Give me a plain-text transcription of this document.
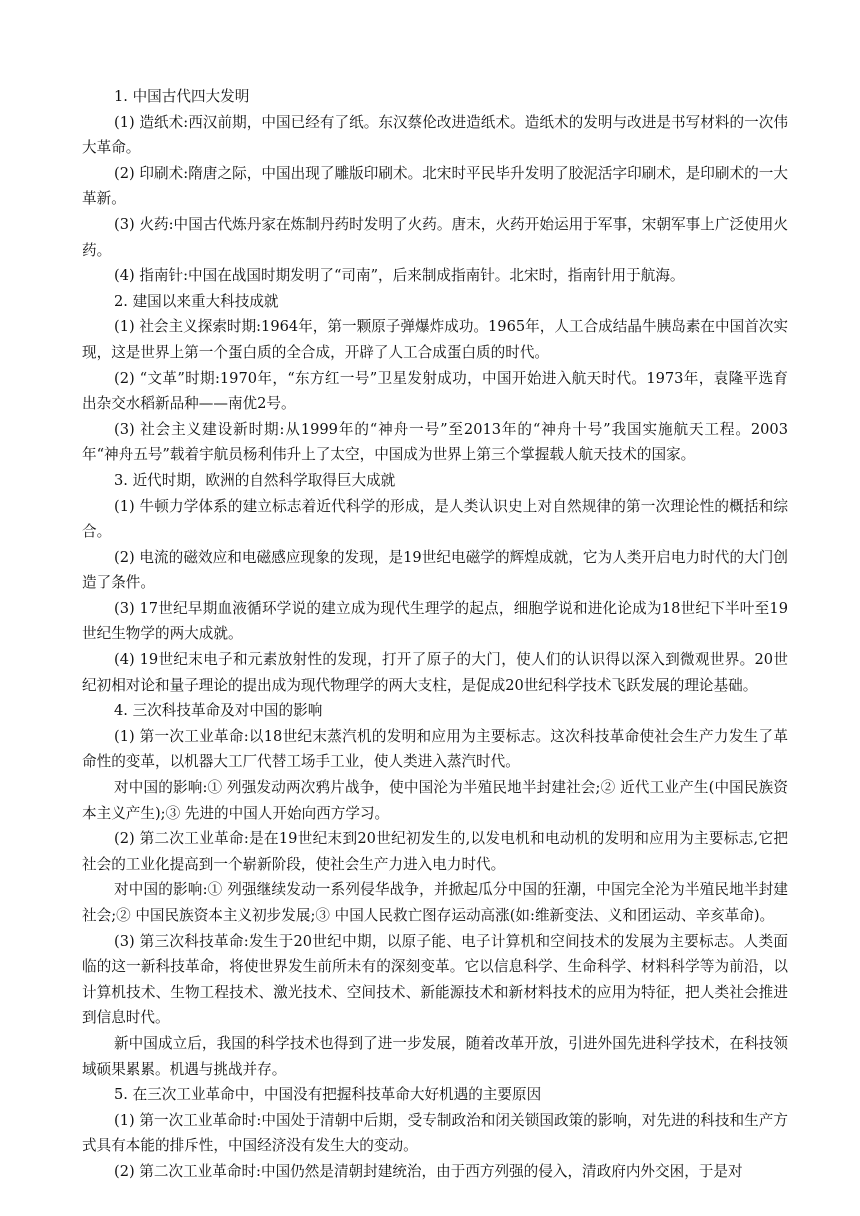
1. 中国古代四大发明

(1) 造纸术:西汉前期，中国已经有了纸。东汉蔡伦改进造纸术。造纸术的发明与改进是书写材料的一次伟大革命。

(2) 印刷术:隋唐之际，中国出现了雕版印刷术。北宋时平民毕升发明了胶泥活字印刷术，是印刷术的一大革新。

(3) 火药:中国古代炼丹家在炼制丹药时发明了火药。唐末，火药开始运用于军事，宋朝军事上广泛使用火药。

(4) 指南针:中国在战国时期发明了“司南”，后来制成指南针。北宋时，指南针用于航海。

2. 建国以来重大科技成就

(1) 社会主义探索时期:1964年，第一颗原子弹爆炸成功。1965年，人工合成结晶牛胰岛素在中国首次实现，这是世界上第一个蛋白质的全合成，开辟了人工合成蛋白质的时代。

(2) “文革”时期:1970年，“东方红一号”卫星发射成功，中国开始进入航天时代。1973年，袁隆平选育出杂交水稻新品种——南优2号。

(3) 社会主义建设新时期:从1999年的“神舟一号”至2013年的“神舟十号”我国实施航天工程。2003年“神舟五号”载着宇航员杨利伟升上了太空，中国成为世界上第三个掌握载人航天技术的国家。

3. 近代时期，欧洲的自然科学取得巨大成就

(1) 牛顿力学体系的建立标志着近代科学的形成，是人类认识史上对自然规律的第一次理论性的概括和综合。

(2) 电流的磁效应和电磁感应现象的发现，是19世纪电磁学的辉煌成就，它为人类开启电力时代的大门创造了条件。

(3) 17世纪早期血液循环学说的建立成为现代生理学的起点，细胞学说和进化论成为18世纪下半叶至19世纪生物学的两大成就。

(4) 19世纪末电子和元素放射性的发现，打开了原子的大门，使人们的认识得以深入到微观世界。20世纪初相对论和量子理论的提出成为现代物理学的两大支柱，是促成20世纪科学技术飞跃发展的理论基础。

4. 三次科技革命及对中国的影响

(1) 第一次工业革命:以18世纪末蒸汽机的发明和应用为主要标志。这次科技革命使社会生产力发生了革命性的变革，以机器大工厂代替工场手工业，使人类进入蒸汽时代。

对中国的影响:① 列强发动两次鸦片战争，使中国沦为半殖民地半封建社会;② 近代工业产生(中国民族资本主义产生);③ 先进的中国人开始向西方学习。

(2) 第二次工业革命:是在19世纪末到20世纪初发生的,以发电机和电动机的发明和应用为主要标志,它把社会的工业化提高到一个崭新阶段，使社会生产力进入电力时代。

对中国的影响:① 列强继续发动一系列侵华战争，并掀起瓜分中国的狂潮，中国完全沦为半殖民地半封建社会;② 中国民族资本主义初步发展;③ 中国人民救亡图存运动高涨(如:维新变法、义和团运动、辛亥革命)。

(3) 第三次科技革命:发生于20世纪中期，以原子能、电子计算机和空间技术的发展为主要标志。人类面临的这一新科技革命，将使世界发生前所未有的深刻变革。它以信息科学、生命科学、材料科学等为前沿，以计算机技术、生物工程技术、激光技术、空间技术、新能源技术和新材料技术的应用为特征，把人类社会推进到信息时代。

新中国成立后，我国的科学技术也得到了进一步发展，随着改革开放，引进外国先进科学技术，在科技领域硕果累累。机遇与挑战并存。

5. 在三次工业革命中，中国没有把握科技革命大好机遇的主要原因

(1) 第一次工业革命时:中国处于清朝中后期，受专制政治和闭关锁国政策的影响，对先进的科技和生产方式具有本能的排斥性，中国经济没有发生大的变动。

(2) 第二次工业革命时:中国仍然是清朝封建统治，由于西方列强的侵入，清政府内外交困，于是对
